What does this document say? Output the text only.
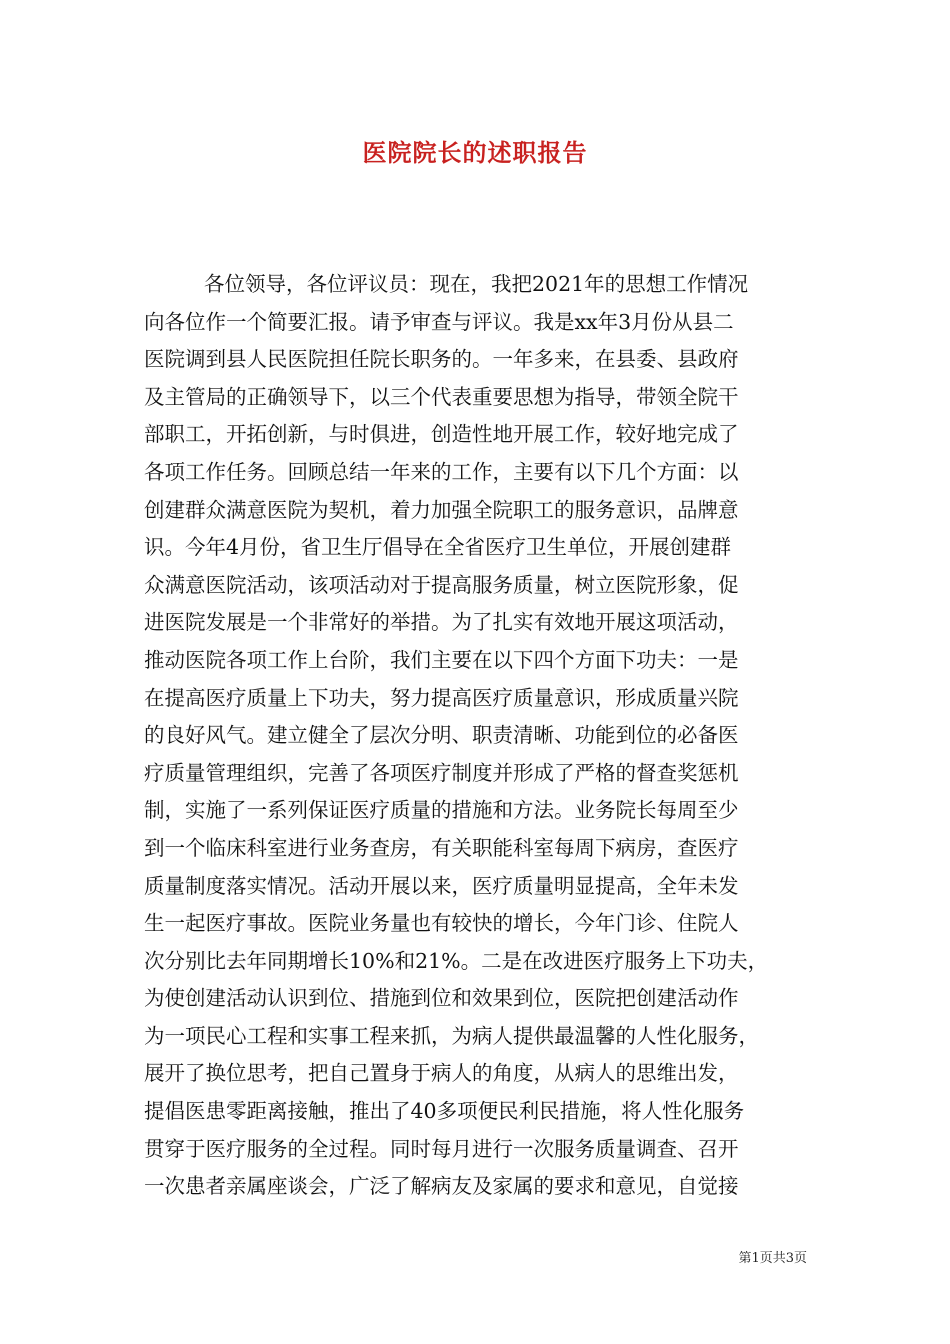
医院院长的述职报告
各位领导，各位评议员：现在，我把2021年的思想工作情况
向各位作一个简要汇报。请予审查与评议。我是xx年3月份从县二
医院调到县人民医院担任院长职务的。一年多来，在县委、县政府
及主管局的正确领导下，以三个代表重要思想为指导，带领全院干
部职工，开拓创新，与时俱进，创造性地开展工作，较好地完成了
各项工作任务。回顾总结一年来的工作，主要有以下几个方面：以
创建群众满意医院为契机，着力加强全院职工的服务意识，品牌意
识。今年4月份，省卫生厅倡导在全省医疗卫生单位，开展创建群
众满意医院活动，该项活动对于提高服务质量，树立医院形象，促
进医院发展是一个非常好的举措。为了扎实有效地开展这项活动，
推动医院各项工作上台阶，我们主要在以下四个方面下功夫：一是
在提高医疗质量上下功夫，努力提高医疗质量意识，形成质量兴院
的良好风气。建立健全了层次分明、职责清晰、功能到位的必备医
疗质量管理组织，完善了各项医疗制度并形成了严格的督查奖惩机
制，实施了一系列保证医疗质量的措施和方法。业务院长每周至少
到一个临床科室进行业务查房，有关职能科室每周下病房，查医疗
质量制度落实情况。活动开展以来，医疗质量明显提高，全年未发
生一起医疗事故。医院业务量也有较快的增长，今年门诊、住院人
次分别比去年同期增长10%和21%。二是在改进医疗服务上下功夫，
为使创建活动认识到位、措施到位和效果到位，医院把创建活动作
为一项民心工程和实事工程来抓，为病人提供最温馨的人性化服务，
展开了换位思考，把自己置身于病人的角度，从病人的思维出发，
提倡医患零距离接触，推出了40多项便民利民措施，将人性化服务
贯穿于医疗服务的全过程。同时每月进行一次服务质量调查、召开
一次患者亲属座谈会，广泛了解病友及家属的要求和意见，自觉接
第1页共3页
